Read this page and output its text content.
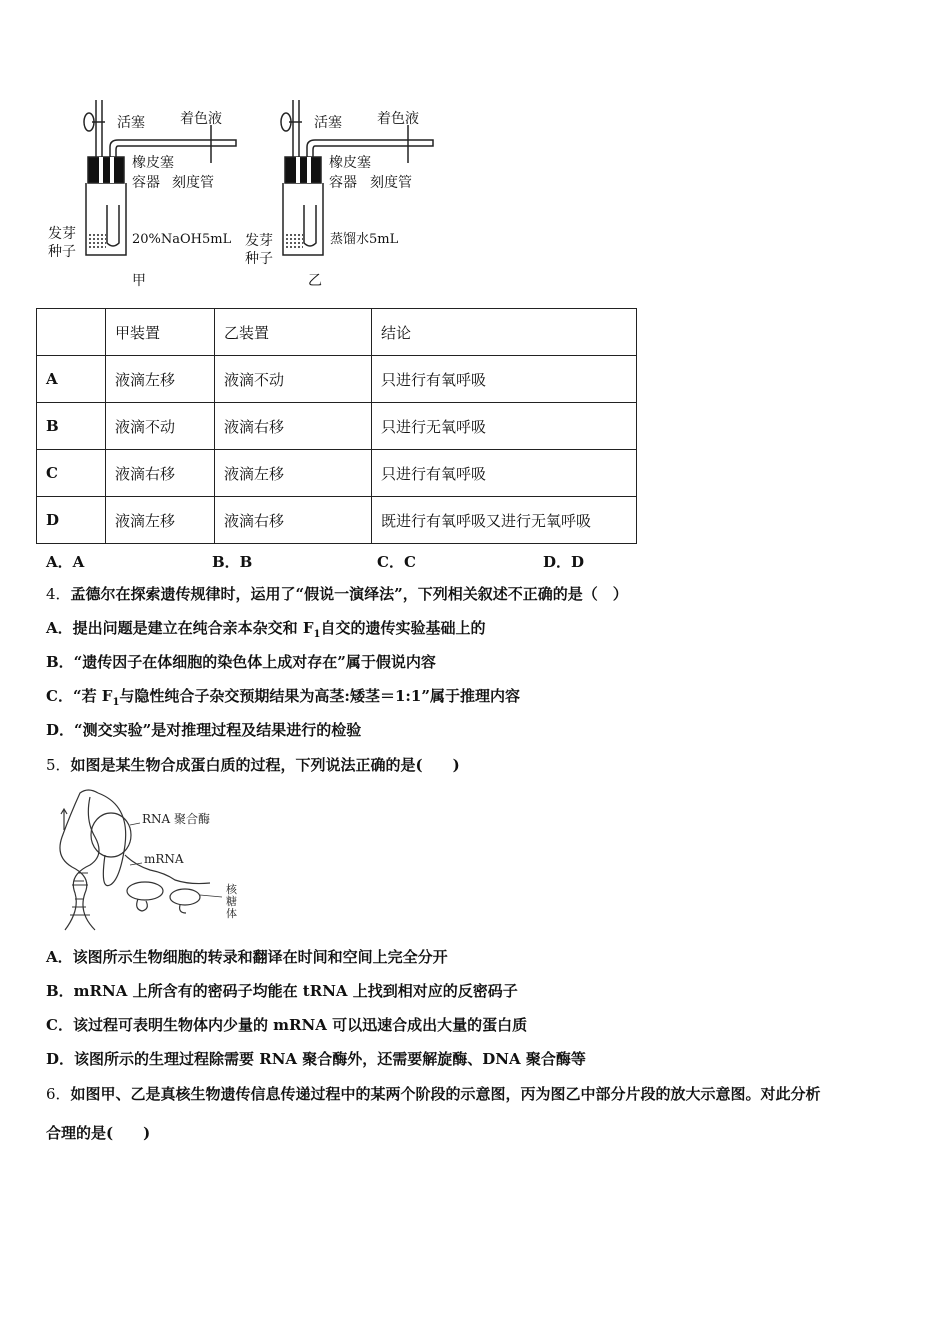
活塞	着色液
橡皮塞
容器 刻度管
发芽
种子
20%NaOH5mL
甲
活塞	着色液
橡皮塞
容器 刻度管
发芽
种子
蒸馏水5mL
乙
	甲装置	乙装置	结论
A	液滴左移	液滴不动	只进行有氧呼吸
B	液滴不动	液滴右移	只进行无氧呼吸
C	液滴右移	液滴左移	只进行有氧呼吸
D	液滴左移	液滴右移	既进行有氧呼吸又进行无氧呼吸
A．A	B．B	C．C	D．D
4．孟德尔在探索遗传规律时，运用了“假说一演绎法”，下列相关叙述不正确的是（　）
A．提出问题是建立在纯合亲本杂交和 $F_1$自交的遗传实验基础上的
B．“遗传因子在体细胞的染色体上成对存在”属于假说内容
C．“若 $F_1$与隐性纯合子杂交预期结果为高茎:矮茎＝1:1”属于推理内容
D．“测交实验”是对推理过程及结果进行的检验
5．如图是某生物合成蛋白质的过程，下列说法正确的是(　　)
RNA 聚合酶
mRNA
核
糖
体
A．该图所示生物细胞的转录和翻译在时间和空间上完全分开
B．mRNA 上所含有的密码子均能在 tRNA 上找到相对应的反密码子
C．该过程可表明生物体内少量的 mRNA 可以迅速合成出大量的蛋白质
D．该图所示的生理过程除需要 RNA 聚合酶外，还需要解旋酶、DNA 聚合酶等
6．如图甲、乙是真核生物遗传信息传递过程中的某两个阶段的示意图，丙为图乙中部分片段的放大示意图。对此分析
合理的是(　　)
